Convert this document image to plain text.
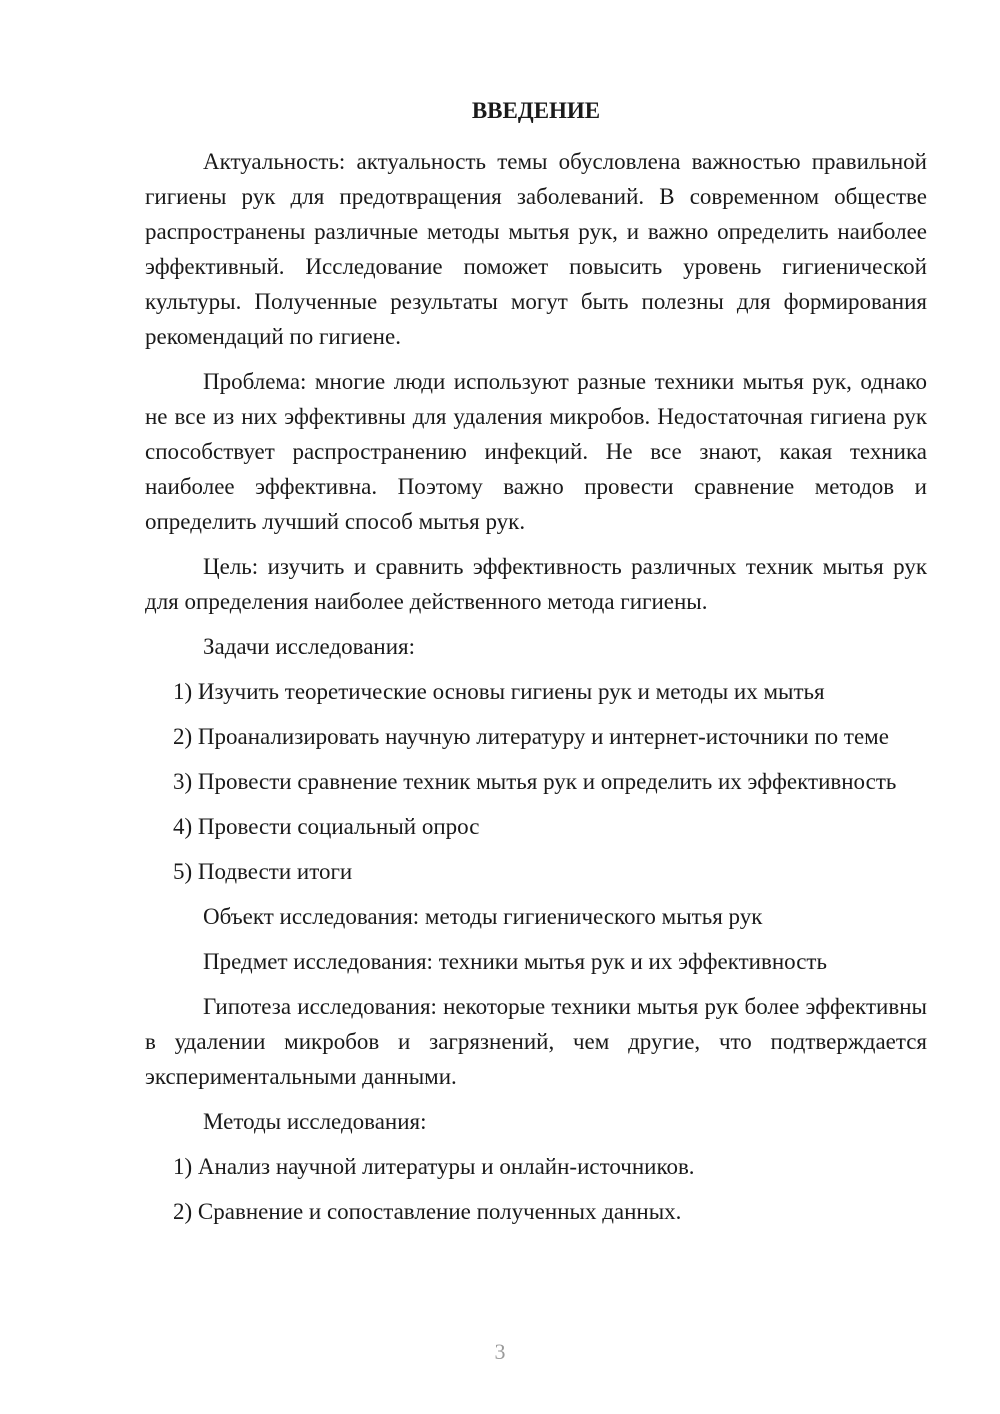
ВВЕДЕНИЕ
Актуальность: актуальность темы обусловлена важностью правильной гигиены рук для предотвращения заболеваний. В современном обществе распространены различные методы мытья рук, и важно определить наиболее эффективный. Исследование поможет повысить уровень гигиенической культуры. Полученные результаты могут быть полезны для формирования рекомендаций по гигиене.
Проблема: многие люди используют разные техники мытья рук, однако не все из них эффективны для удаления микробов. Недостаточная гигиена рук способствует распространению инфекций. Не все знают, какая техника наиболее эффективна. Поэтому важно провести сравнение методов и определить лучший способ мытья рук.
Цель: изучить и сравнить эффективность различных техник мытья рук для определения наиболее действенного метода гигиены.
Задачи исследования:
1) Изучить теоретические основы гигиены рук и методы их мытья
2) Проанализировать научную литературу и интернет-источники по теме
3) Провести сравнение техник мытья рук и определить их эффективность
4) Провести социальный опрос
5) Подвести итоги
Объект исследования: методы гигиенического мытья рук
Предмет исследования: техники мытья рук и их эффективность
Гипотеза исследования: некоторые техники мытья рук более эффективны в удалении микробов и загрязнений, чем другие, что подтверждается экспериментальными данными.
Методы исследования:
1) Анализ научной литературы и онлайн-источников.
2) Сравнение и сопоставление полученных данных.
3
